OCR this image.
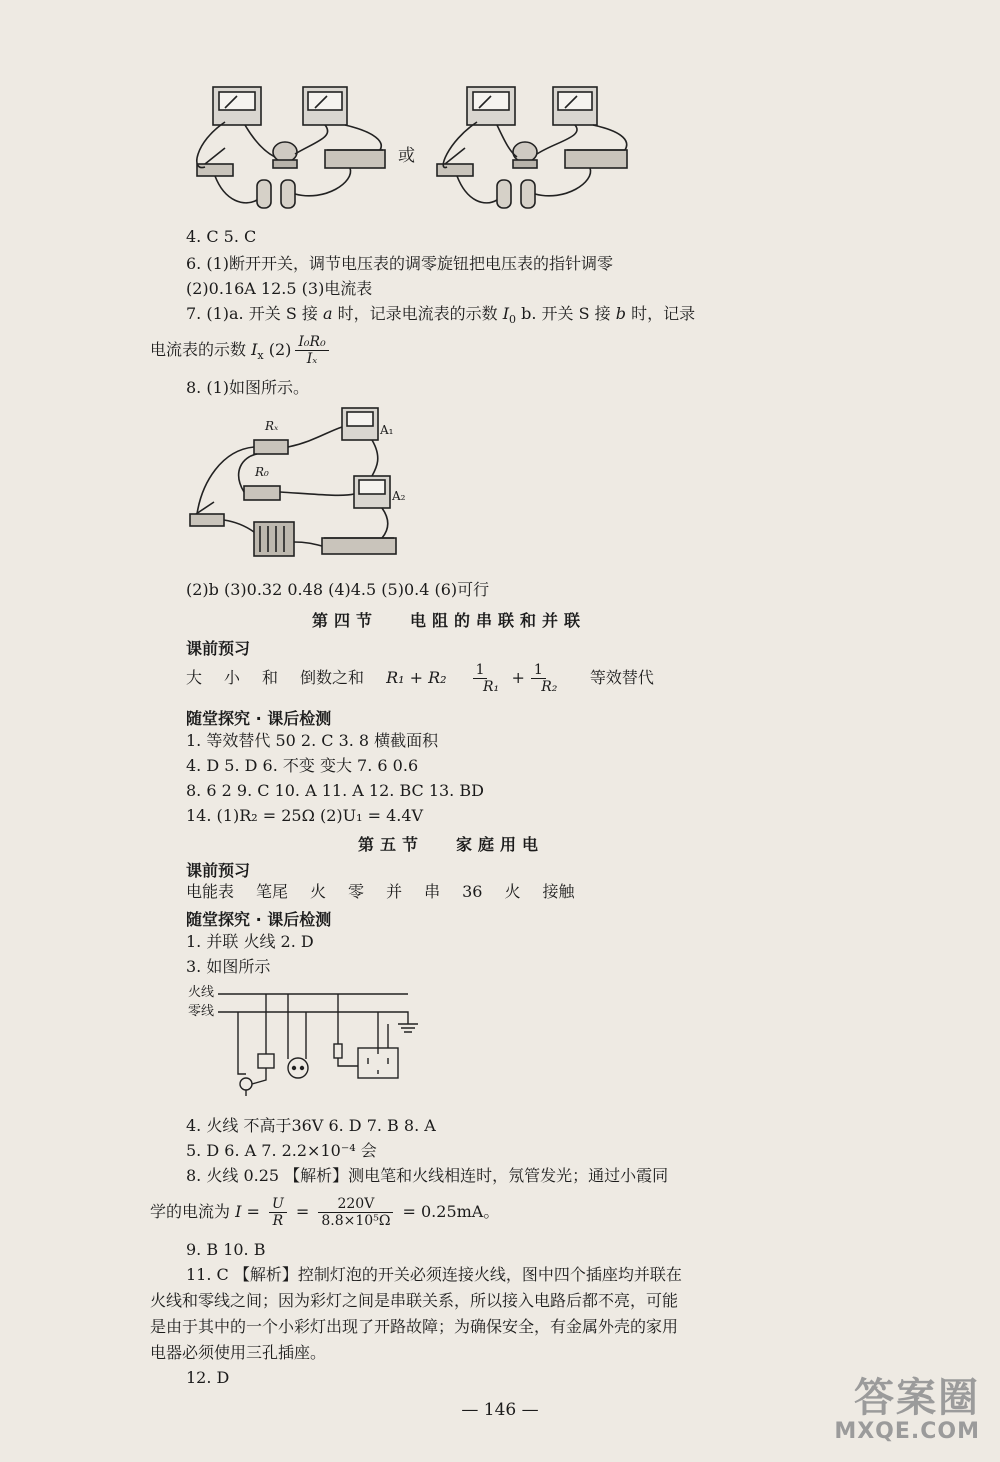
或
4. C 5. C
6. (1)断开开关，调节电压表的调零旋钮把电压表的指针调零
(2)0.16A 12.5 (3)电流表
7. (1)a. 开关 S 接 a 时，记录电流表的示数 $I_0$ b. 开关 S 接 b 时，记录
电流表的示数 $I_x$ $(2) \frac{\text{I₀R₀}}{\text{Iₓ}}$
8. (1)如图所示。
Rₓ
R₀
A₁
A₂
(2)b (3)0.32 0.48 (4)4.5 (5)0.4 (6)可行
第四节 电阻的串联和并联
课前预习
大 小 和 倒数之和 $R_1 + R_2 \frac{1}{\text{R₁}} + \frac{1}{\text{R₂}}$ 等效替代
随堂探究 · 课后检测
1. 等效替代 50 2. C 3. 8 横截面积
4. D 5. D 6. 不变 变大 7. 6 0.6
8. 6 2 9. C 10. A 11. A 12. BC 13. BD
14. (1)R₂ = 25Ω (2)U₁ = 4.4V
第五节 家庭用电
课前预习
电能表 笔尾 火 零 并 串 36 火 接触
随堂探究 · 课后检测
1. 并联 火线 2. D
3. 如图所示
火线
零线
4. 火线 不高于36V 6. D 7. B 8. A
5. D 6. A 7. 2.2×10⁻⁴ 会
8. 火线 0.25 【解析】测电笔和火线相连时，氖管发光；通过小霞同
学的电流为 $I = \frac{U}{R} = \frac{220V}{\text{8.8×10⁵Ω}} = 0.25mA$。
9. B 10. B
11. C 【解析】控制灯泡的开关必须连接火线，图中四个插座均并联在
火线和零线之间；因为彩灯之间是串联关系，所以接入电路后都不亮，可能
是由于其中的一个小彩灯出现了开路故障；为确保安全，有金属外壳的家用
电器必须使用三孔插座。
12. D
— 146 —	答案圈
MXQE.COM
